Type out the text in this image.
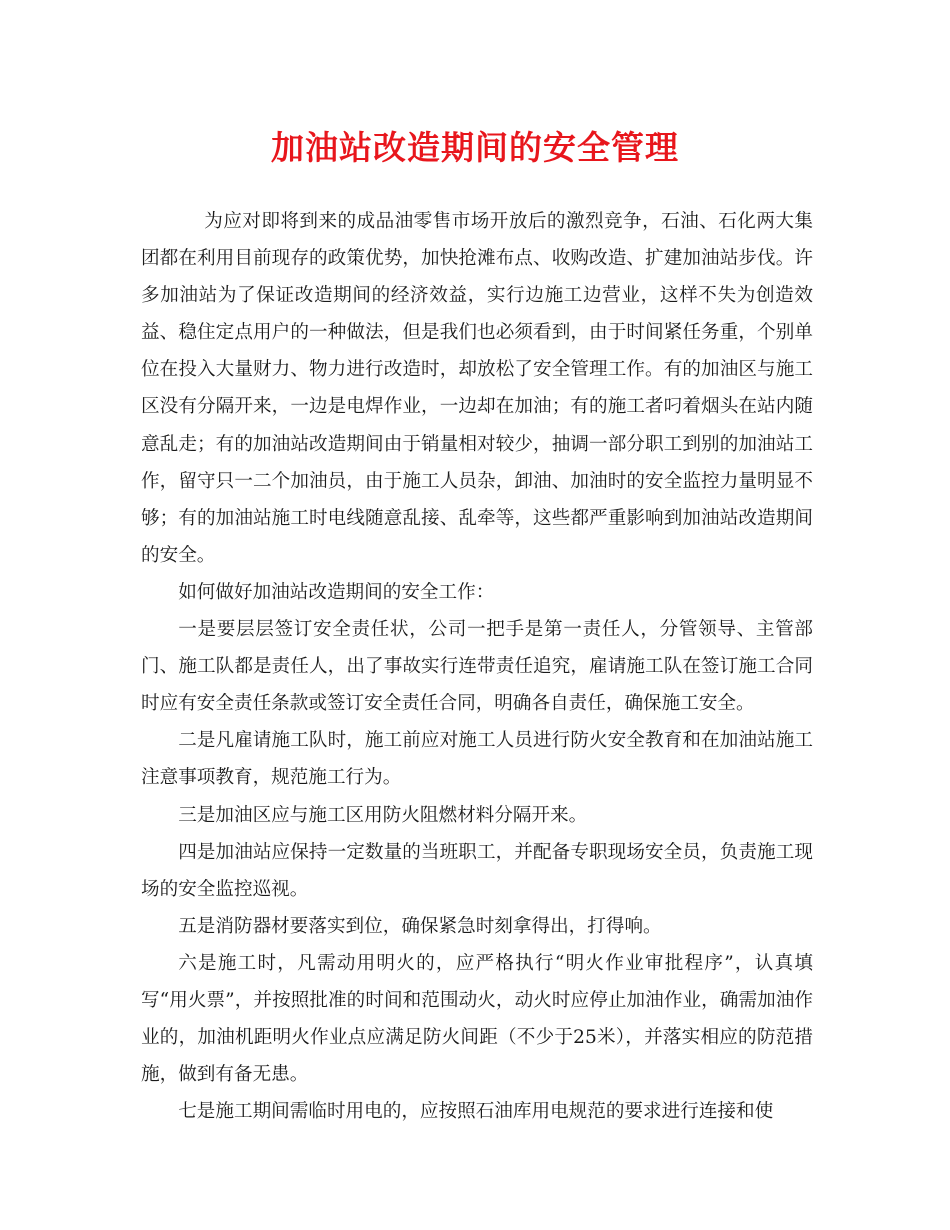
加油站改造期间的安全管理

为应对即将到来的成品油零售市场开放后的激烈竞争，石油、石化两大集团都在利用目前现存的政策优势，加快抢滩布点、收购改造、扩建加油站步伐。许多加油站为了保证改造期间的经济效益，实行边施工边营业，这样不失为创造效益、稳住定点用户的一种做法，但是我们也必须看到，由于时间紧任务重，个别单位在投入大量财力、物力进行改造时，却放松了安全管理工作。有的加油区与施工区没有分隔开来，一边是电焊作业，一边却在加油；有的施工者叼着烟头在站内随意乱走；有的加油站改造期间由于销量相对较少，抽调一部分职工到别的加油站工作，留守只一二个加油员，由于施工人员杂，卸油、加油时的安全监控力量明显不够；有的加油站施工时电线随意乱接、乱牵等，这些都严重影响到加油站改造期间的安全。

如何做好加油站改造期间的安全工作：

一是要层层签订安全责任状，公司一把手是第一责任人，分管领导、主管部门、施工队都是责任人，出了事故实行连带责任追究，雇请施工队在签订施工合同时应有安全责任条款或签订安全责任合同，明确各自责任，确保施工安全。

二是凡雇请施工队时，施工前应对施工人员进行防火安全教育和在加油站施工注意事项教育，规范施工行为。

三是加油区应与施工区用防火阻燃材料分隔开来。

四是加油站应保持一定数量的当班职工，并配备专职现场安全员，负责施工现场的安全监控巡视。

五是消防器材要落实到位，确保紧急时刻拿得出，打得响。

六是施工时，凡需动用明火的，应严格执行“明火作业审批程序”，认真填写“用火票”，并按照批准的时间和范围动火，动火时应停止加油作业，确需加油作业的，加油机距明火作业点应满足防火间距（不少于25米），并落实相应的防范措施，做到有备无患。

七是施工期间需临时用电的，应按照石油库用电规范的要求进行连接和使
